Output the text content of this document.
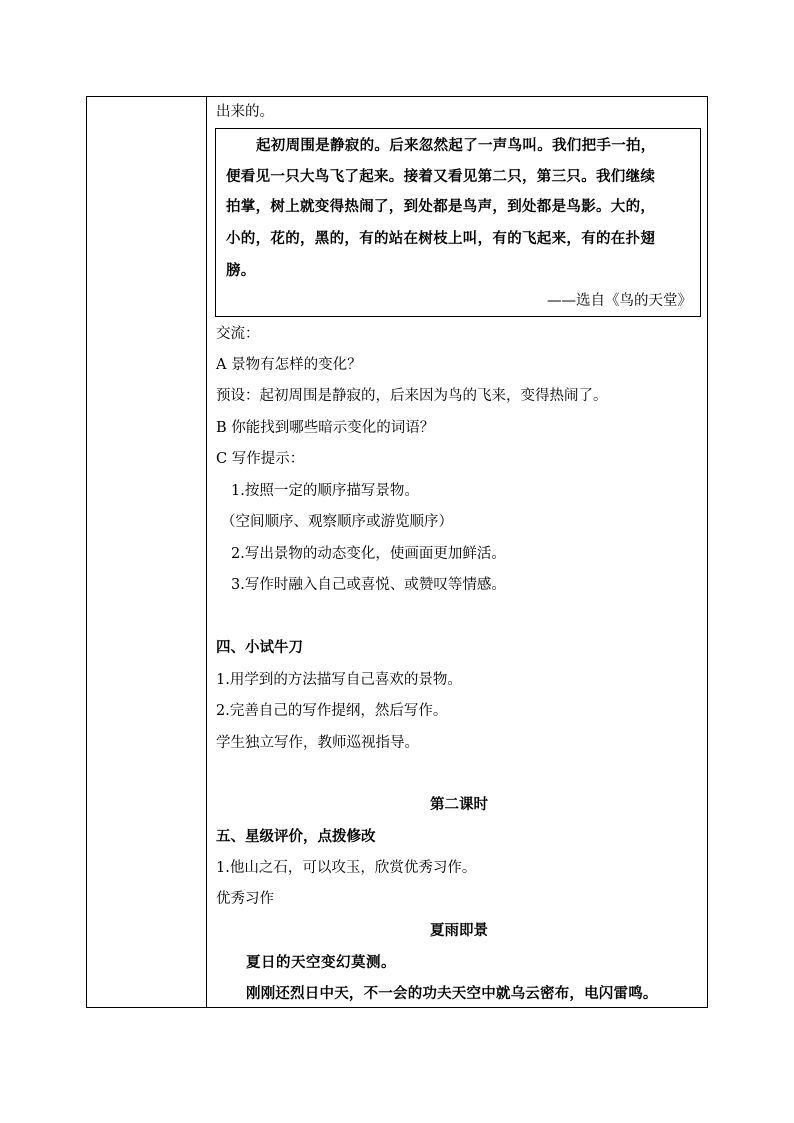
出来的。
起初周围是静寂的。后来忽然起了一声鸟叫。我们把手一拍，
便看见一只大鸟飞了起来。接着又看见第二只，第三只。我们继续
拍掌，树上就变得热闹了，到处都是鸟声，到处都是鸟影。大的，
小的，花的，黑的，有的站在树枝上叫，有的飞起来，有的在扑翅
膀。
——选自《鸟的天堂》
交流：
A 景物有怎样的变化？
预设：起初周围是静寂的，后来因为鸟的飞来，变得热闹了。
B 你能找到哪些暗示变化的词语？
C 写作提示：
1.按照一定的顺序描写景物。
（空间顺序、观察顺序或游览顺序）
2.写出景物的动态变化，使画面更加鲜活。
3.写作时融入自己或喜悦、或赞叹等情感。
四、小试牛刀
1.用学到的方法描写自己喜欢的景物。
2.完善自己的写作提纲，然后写作。
学生独立写作，教师巡视指导。
第二课时
五、星级评价，点拨修改
1.他山之石，可以攻玉，欣赏优秀习作。
优秀习作
夏雨即景
夏日的天空变幻莫测。
刚刚还烈日中天，不一会的功夫天空中就乌云密布，电闪雷鸣。
